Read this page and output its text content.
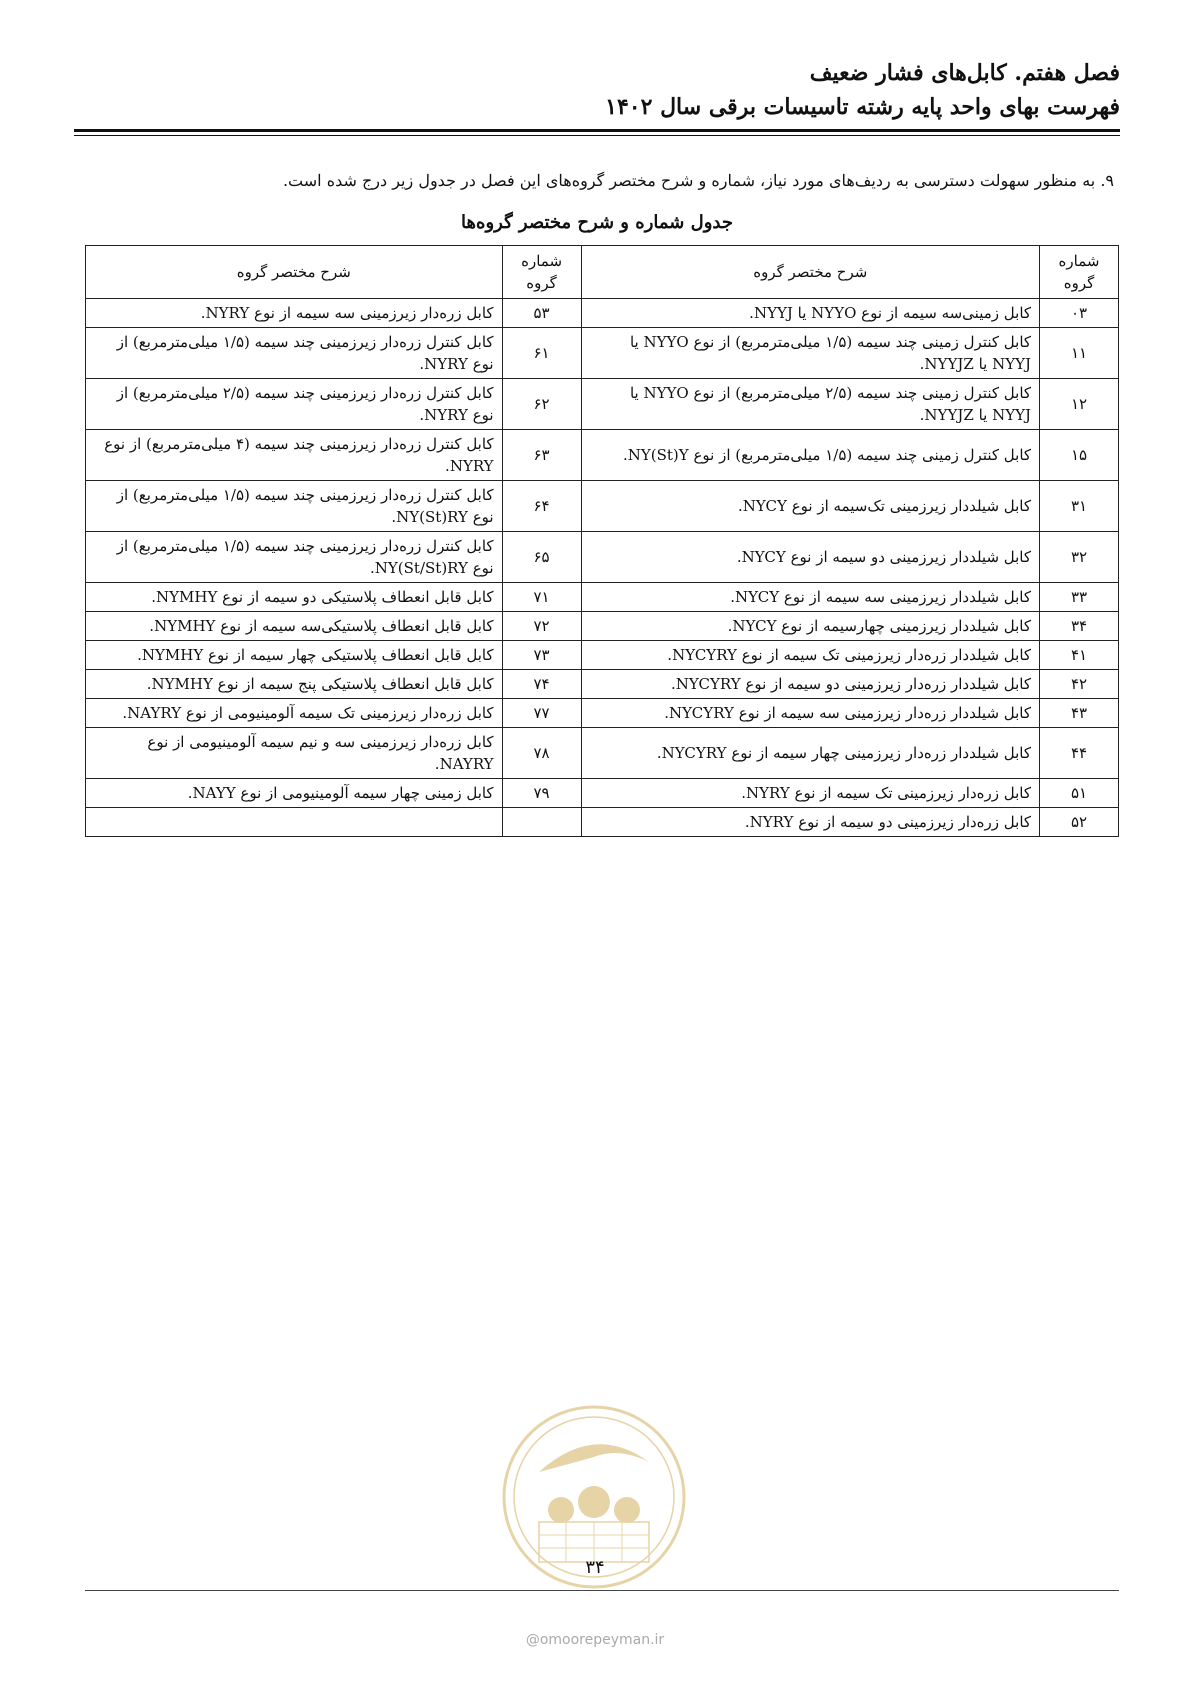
فصل هفتم. کابل‌های فشار ضعیف
فهرست بهای واحد پایه رشته تاسیسات برقی سال ۱۴۰۲
۹. به منظور سهولت دسترسی به ردیف‌های مورد نیاز، شماره و شرح مختصر گروه‌های این فصل در جدول زیر درج شده است.
جدول شماره و شرح مختصر گروه‌ها
شماره گروه	شرح مختصر گروه	شماره گروه	شرح مختصر گروه
۰۳	کابل زمینی‌سه سیمه از نوع NYYO یا NYYJ.	۵۳	کابل زره‌دار زیرزمینی سه سیمه از نوع NYRY.
۱۱	کابل کنترل زمینی چند سیمه (۱/۵ میلی‌مترمربع) از نوع NYYO یا NYYJ یا NYYJZ.	۶۱	کابل کنترل زره‌دار زیرزمینی چند سیمه (۱/۵ میلی‌مترمربع) از نوع NYRY.
۱۲	کابل کنترل زمینی چند سیمه (۲/۵ میلی‌مترمربع) از نوع NYYO یا NYYJ یا NYYJZ.	۶۲	کابل کنترل زره‌دار زیرزمینی چند سیمه (۲/۵ میلی‌مترمربع) از نوع NYRY.
۱۵	کابل کنترل زمینی چند سیمه (۱/۵ میلی‌مترمربع) از نوع NY(St)Y.	۶۳	کابل کنترل زره‌دار زیرزمینی چند سیمه (۴ میلی‌مترمربع) از نوع NYRY.
۳۱	کابل شیلددار زیرزمینی تک‌سیمه از نوع NYCY.	۶۴	کابل کنترل زره‌دار زیرزمینی چند سیمه (۱/۵ میلی‌مترمربع) از نوع NY(St)RY.
۳۲	کابل شیلددار زیرزمینی دو سیمه از نوع NYCY.	۶۵	کابل کنترل زره‌دار زیرزمینی چند سیمه (۱/۵ میلی‌مترمربع) از نوع NY(St/St)RY.
۳۳	کابل شیلددار زیرزمینی سه سیمه از نوع NYCY.	۷۱	کابل قابل انعطاف پلاستیکی دو سیمه از نوع NYMHY.
۳۴	کابل شیلددار زیرزمینی چهارسیمه از نوع NYCY.	۷۲	کابل قابل انعطاف پلاستیکی‌سه سیمه از نوع NYMHY.
۴۱	کابل شیلددار زره‌دار زیرزمینی تک سیمه از نوع NYCYRY.	۷۳	کابل قابل انعطاف پلاستیکی چهار سیمه از نوع NYMHY.
۴۲	کابل شیلددار زره‌دار زیرزمینی دو سیمه از نوع NYCYRY.	۷۴	کابل قابل انعطاف پلاستیکی پنج سیمه از نوع NYMHY.
۴۳	کابل شیلددار زره‌دار زیرزمینی سه سیمه از نوع NYCYRY.	۷۷	کابل زره‌دار زیرزمینی تک سیمه آلومینیومی از نوع NAYRY.
۴۴	کابل شیلددار زره‌دار زیرزمینی چهار سیمه از نوع NYCYRY.	۷۸	کابل زره‌دار زیرزمینی سه و نیم سیمه آلومینیومی از نوع NAYRY.
۵۱	کابل زره‌دار زیرزمینی تک سیمه از نوع NYRY.	۷۹	کابل زمینی چهار سیمه آلومینیومی از نوع NAYY.
۵۲	کابل زره‌دار زیرزمینی دو سیمه از نوع NYRY.		
۳۴
@omoorepeyman.ir
